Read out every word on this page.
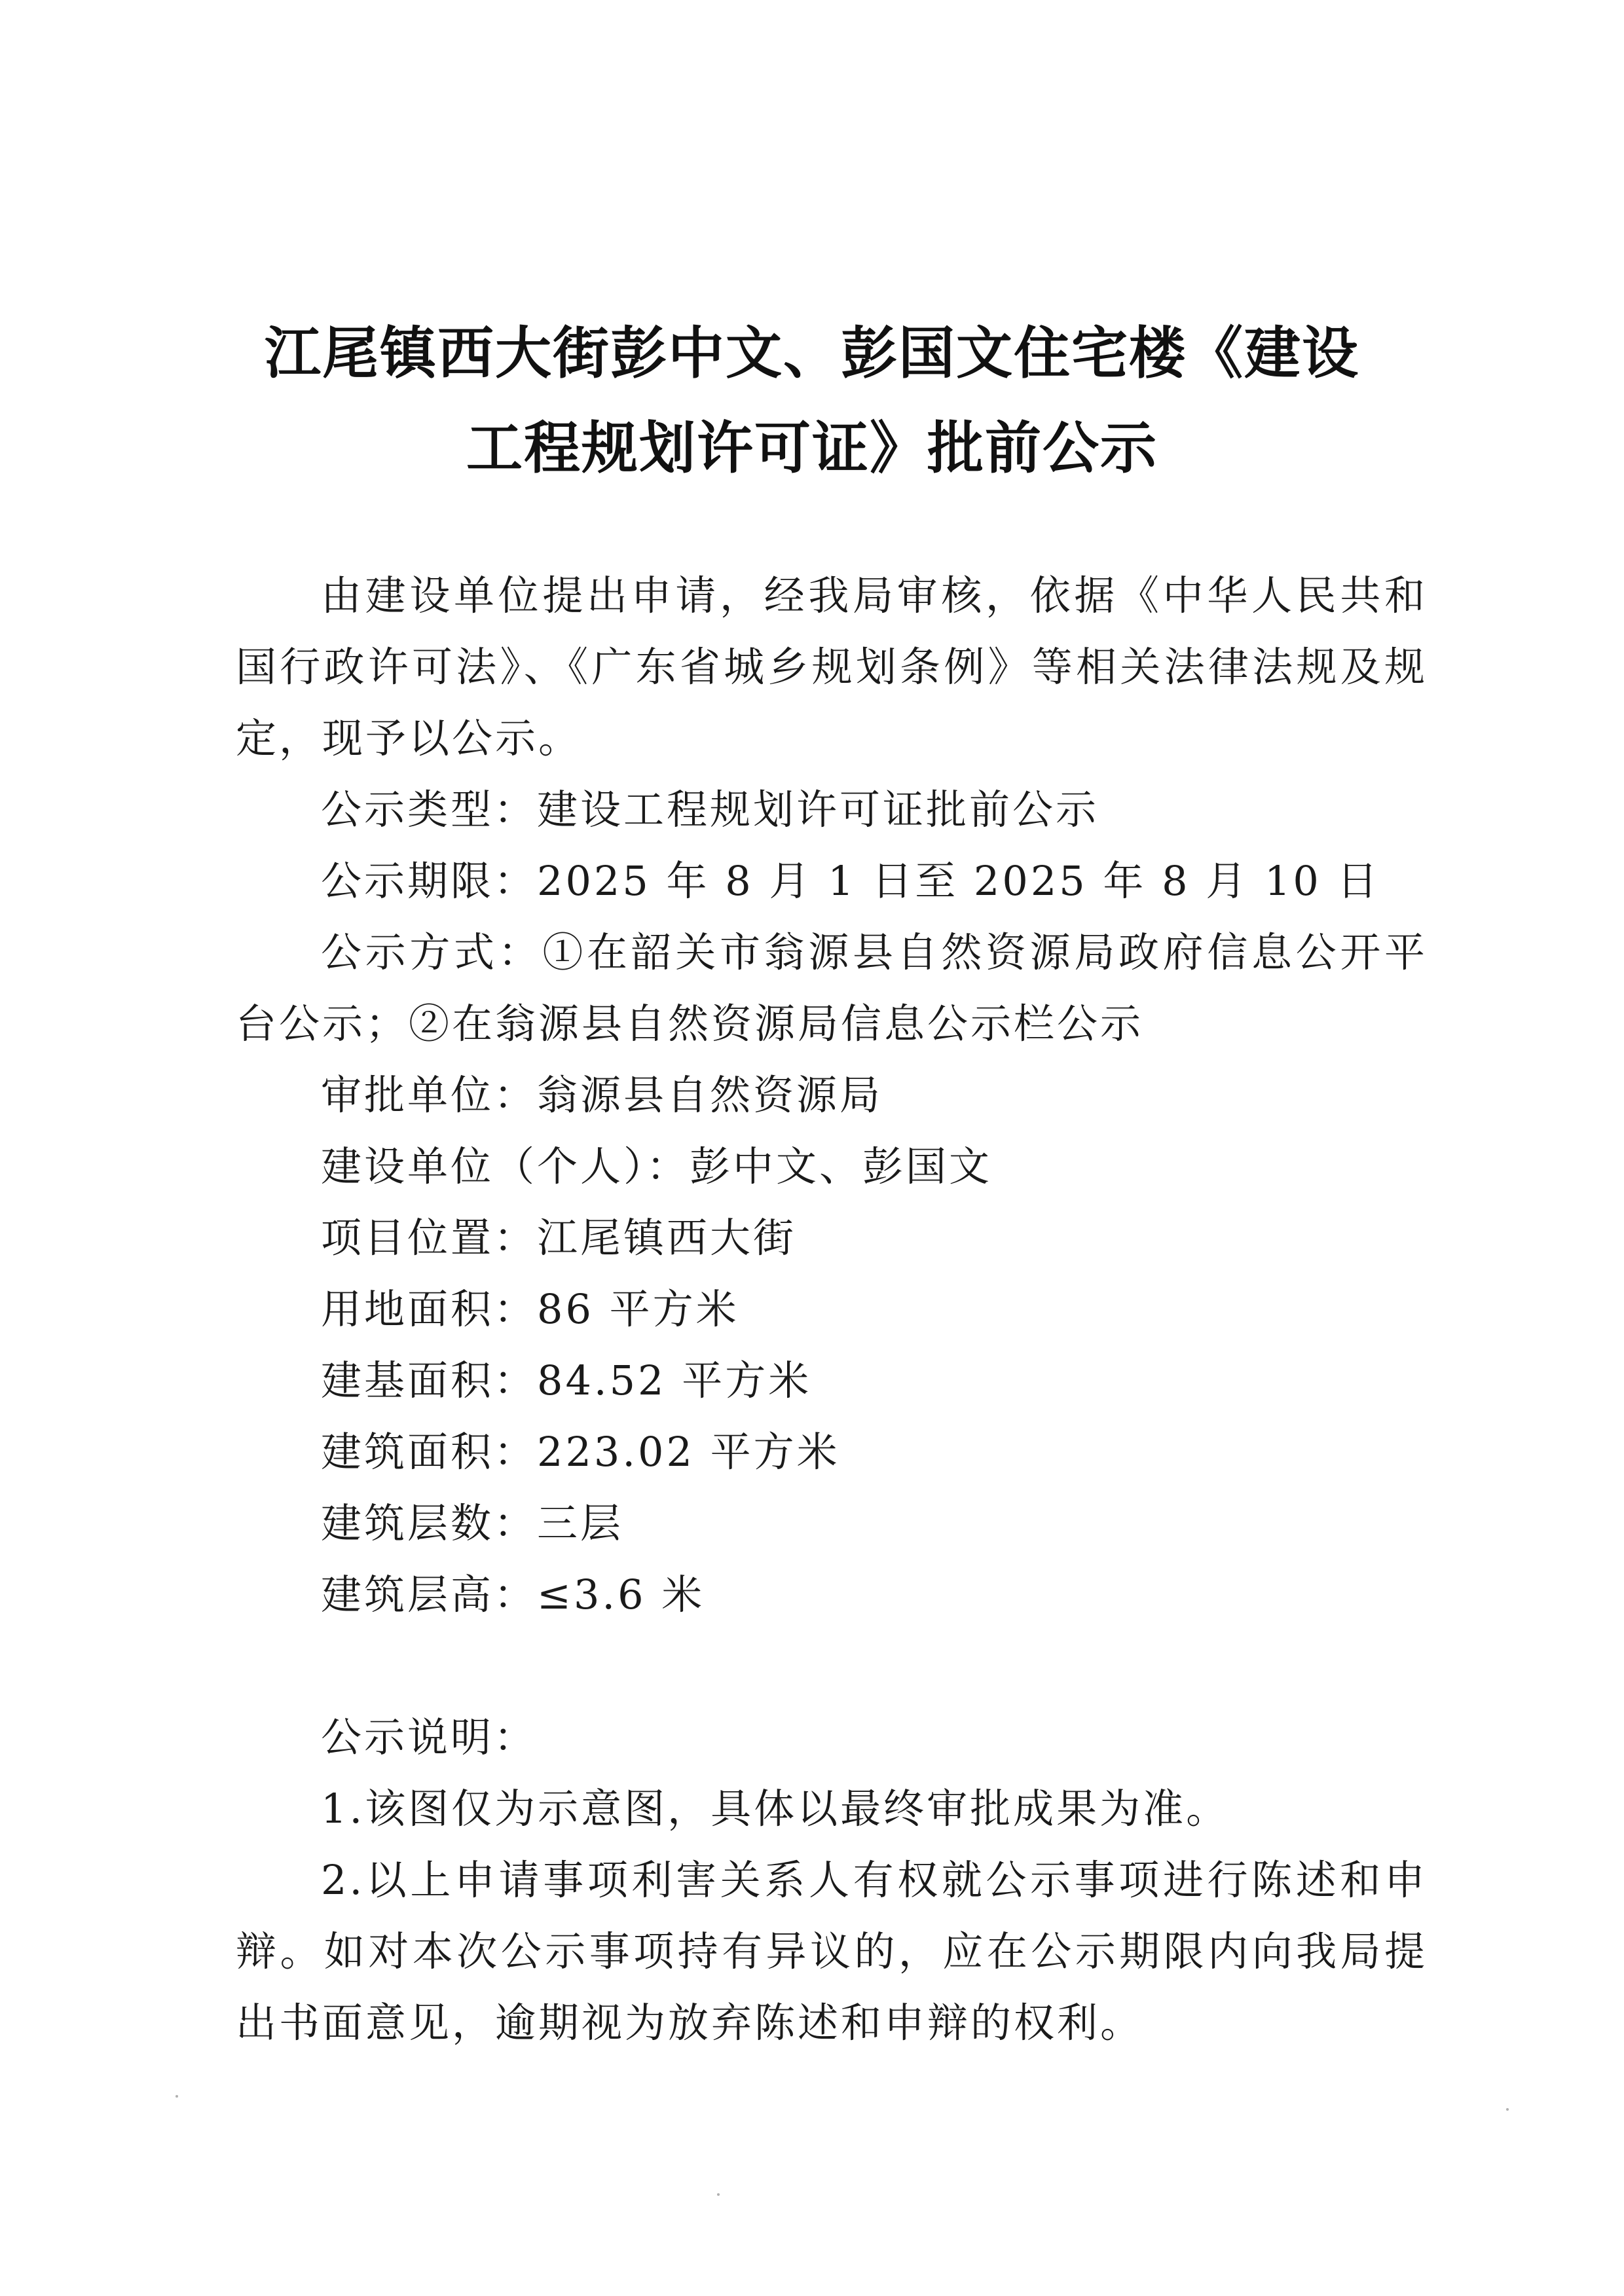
江尾镇西大街彭中文、彭国文住宅楼《建设
工程规划许可证》批前公示

由建设单位提出申请，经我局审核，依据《中华人民共和国行政许可法》、《广东省城乡规划条例》等相关法律法规及规定，现予以公示。

公示类型：建设工程规划许可证批前公示

公示期限：2025 年 8 月 1 日至 2025 年 8 月 10 日

公示方式：①在韶关市翁源县自然资源局政府信息公开平台公示；②在翁源县自然资源局信息公示栏公示

审批单位：翁源县自然资源局

建设单位（个人）：彭中文、彭国文

项目位置：江尾镇西大街

用地面积：86 平方米

建基面积：84.52 平方米

建筑面积：223.02 平方米

建筑层数：三层

建筑层高：≤3.6 米

公示说明：

1.该图仅为示意图，具体以最终审批成果为准。

2.以上申请事项利害关系人有权就公示事项进行陈述和申辩。如对本次公示事项持有异议的，应在公示期限内向我局提出书面意见，逾期视为放弃陈述和申辩的权利。
